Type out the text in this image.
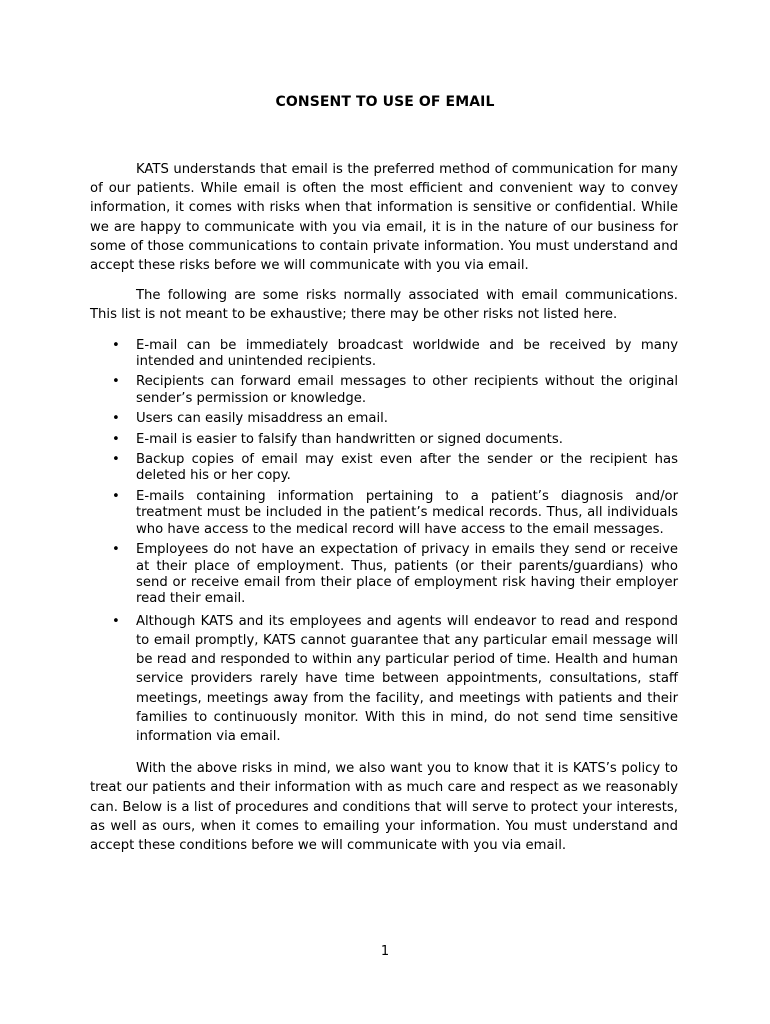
CONSENT TO USE OF EMAIL

KATS understands that email is the preferred method of communication for many of our patients. While email is often the most efficient and convenient way to convey information, it comes with risks when that information is sensitive or confidential. While we are happy to communicate with you via email, it is in the nature of our business for some of those communications to contain private information. You must understand and accept these risks before we will communicate with you via email.

The following are some risks normally associated with email communications. This list is not meant to be exhaustive; there may be other risks not listed here.

• E-mail can be immediately broadcast worldwide and be received by many intended and unintended recipients.
• Recipients can forward email messages to other recipients without the original sender’s permission or knowledge.
• Users can easily misaddress an email.
• E-mail is easier to falsify than handwritten or signed documents.
• Backup copies of email may exist even after the sender or the recipient has deleted his or her copy.
• E-mails containing information pertaining to a patient’s diagnosis and/or treatment must be included in the patient’s medical records. Thus, all individuals who have access to the medical record will have access to the email messages.
• Employees do not have an expectation of privacy in emails they send or receive at their place of employment. Thus, patients (or their parents/guardians) who send or receive email from their place of employment risk having their employer read their email.
• Although KATS and its employees and agents will endeavor to read and respond to email promptly, KATS cannot guarantee that any particular email message will be read and responded to within any particular period of time. Health and human service providers rarely have time between appointments, consultations, staff meetings, meetings away from the facility, and meetings with patients and their families to continuously monitor. With this in mind, do not send time sensitive information via email.

With the above risks in mind, we also want you to know that it is KATS’s policy to treat our patients and their information with as much care and respect as we reasonably can. Below is a list of procedures and conditions that will serve to protect your interests, as well as ours, when it comes to emailing your information. You must understand and accept these conditions before we will communicate with you via email.

1
